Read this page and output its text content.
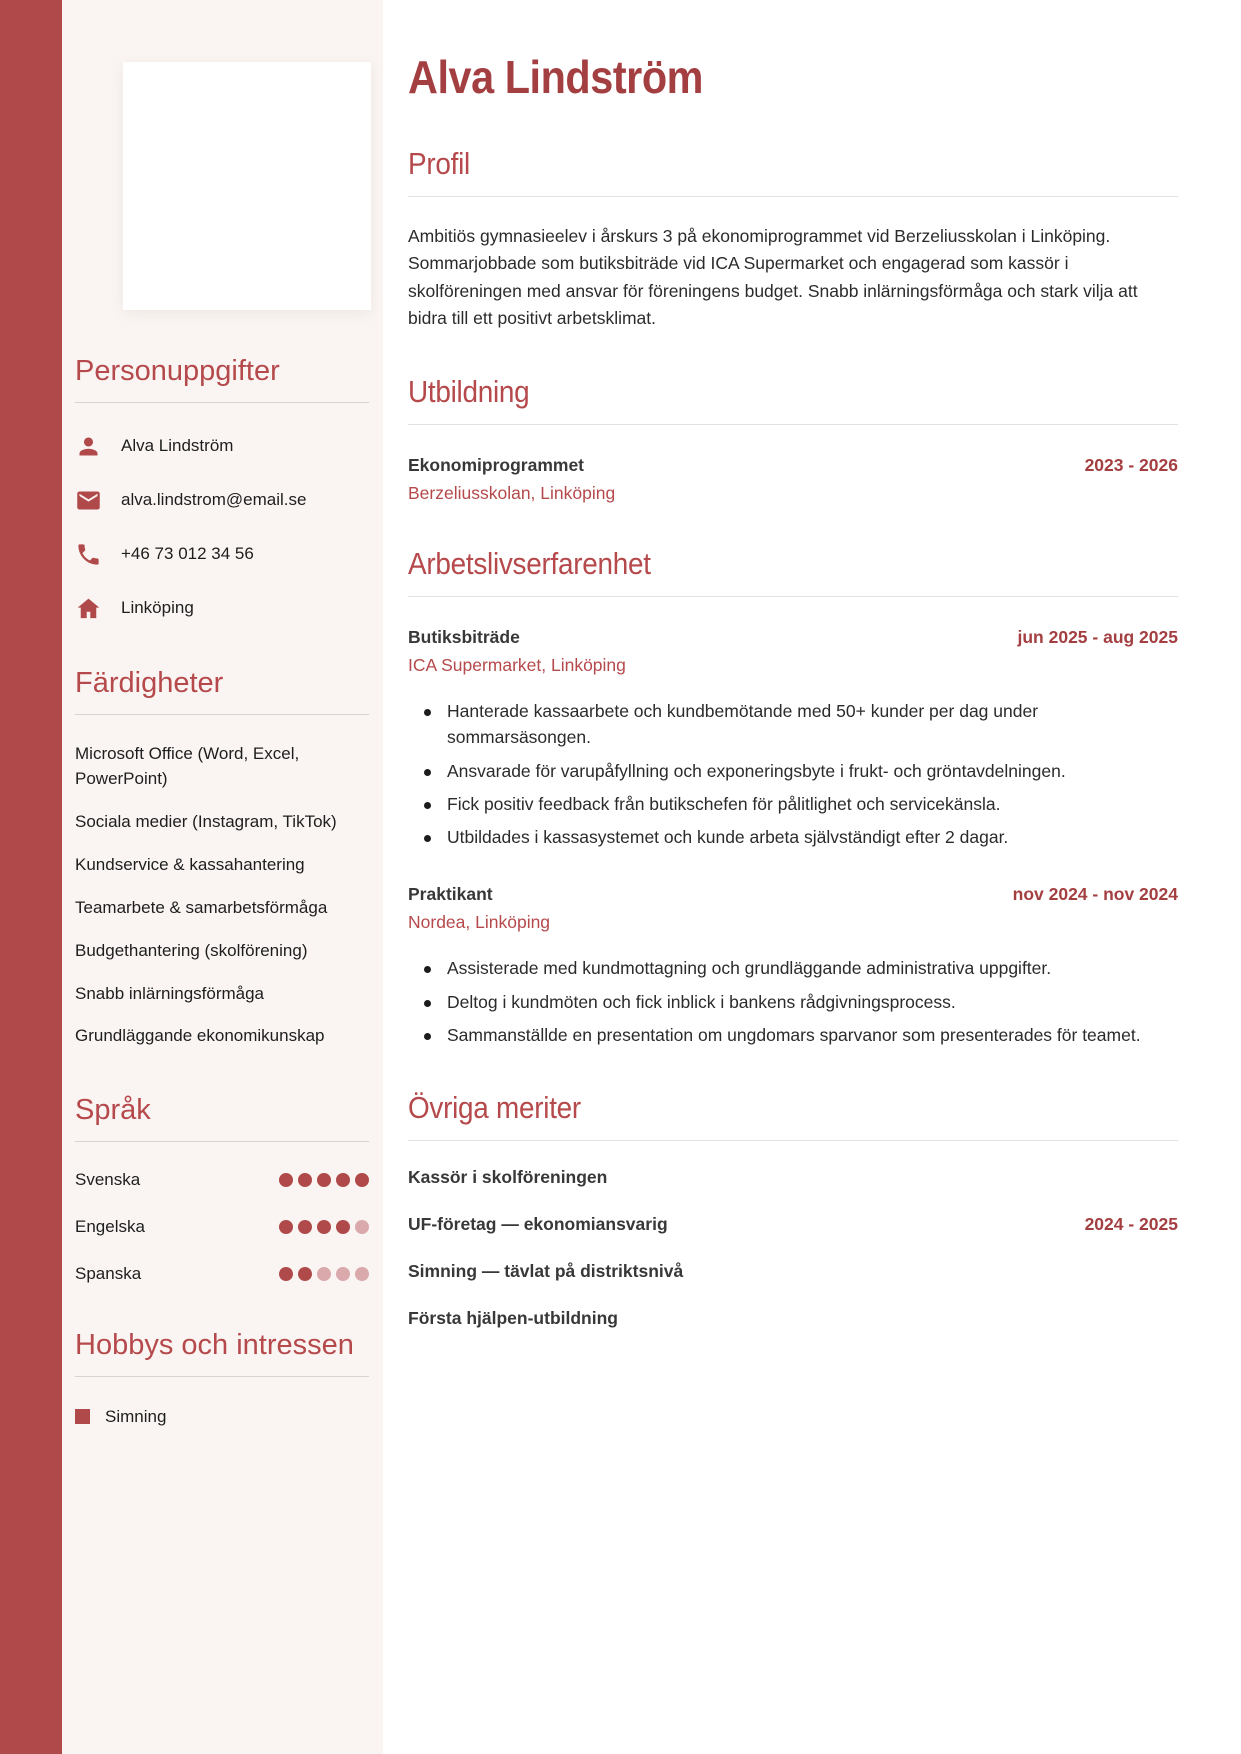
Personuppgifter
Alva Lindström
alva.lindstrom@email.se
+46 73 012 34 56
Linköping
Färdigheter
Microsoft Office (Word, Excel, PowerPoint)
Sociala medier (Instagram, TikTok)
Kundservice & kassahantering
Teamarbete & samarbetsförmåga
Budgethantering (skolförening)
Snabb inlärningsförmåga
Grundläggande ekonomikunskap
Språk
Svenska
Engelska
Spanska
Hobbys och intressen
Simning
Alva Lindström
Profil

Ambitiös gymnasieelev i årskurs 3 på ekonomiprogrammet vid Berzeliusskolan i Linköping. Sommarjobbade som butiksbiträde vid ICA Supermarket och engagerad som kassör i skolföreningen med ansvar för föreningens budget. Snabb inlärningsförmåga och stark vilja att bidra till ett positivt arbetsklimat.

Utbildning
Ekonomiprogrammet	2023 - 2026
Berzeliusskolan, Linköping
Arbetslivserfarenhet
Butiksbiträde	jun 2025 - aug 2025
ICA Supermarket, Linköping
Hanterade kassaarbete och kundbemötande med 50+ kunder per dag under sommarsäsongen.
Ansvarade för varupåfyllning och exponeringsbyte i frukt- och gröntavdelningen.
Fick positiv feedback från butikschefen för pålitlighet och servicekänsla.
Utbildades i kassasystemet och kunde arbeta självständigt efter 2 dagar.
Praktikant	nov 2024 - nov 2024
Nordea, Linköping
Assisterade med kundmottagning och grundläggande administrativa uppgifter.
Deltog i kundmöten och fick inblick i bankens rådgivningsprocess.
Sammanställde en presentation om ungdomars sparvanor som presenterades för teamet.
Övriga meriter
Kassör i skolföreningen
UF-företag — ekonomiansvarig	2024 - 2025
Simning — tävlat på distriktsnivå
Första hjälpen-utbildning
